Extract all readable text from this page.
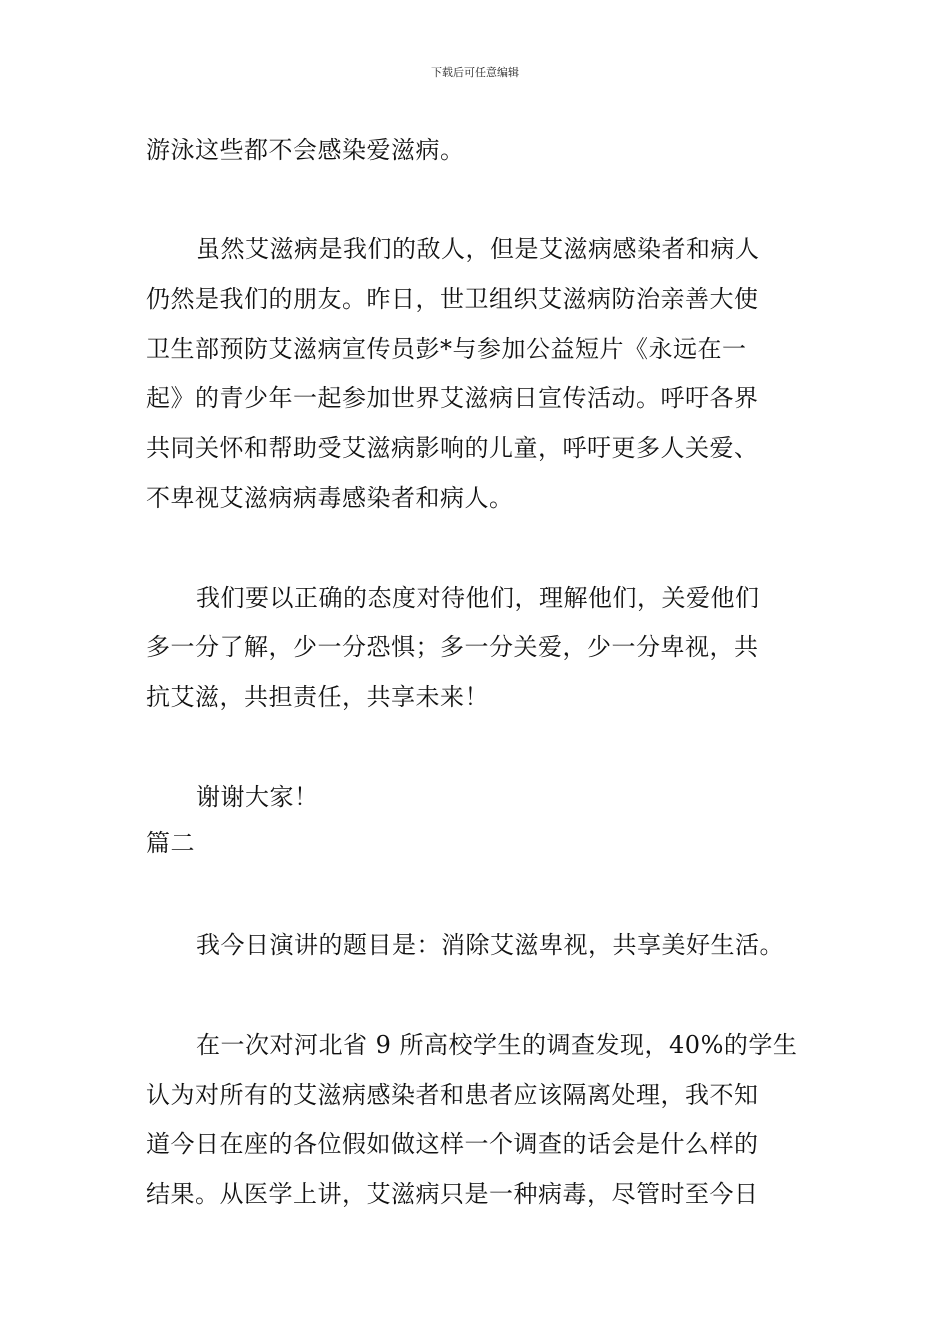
下载后可任意编辑
游泳这些都不会感染爱滋病。
虽然艾滋病是我们的敌人，但是艾滋病感染者和病人
仍然是我们的朋友。昨日，世卫组织艾滋病防治亲善大使
卫生部预防艾滋病宣传员彭*与参加公益短片《永远在一
起》的青少年一起参加世界艾滋病日宣传活动。呼吁各界
共同关怀和帮助受艾滋病影响的儿童，呼吁更多人关爱、
不卑视艾滋病病毒感染者和病人。
我们要以正确的态度对待他们，理解他们，关爱他们
多一分了解，少一分恐惧；多一分关爱，少一分卑视，共
抗艾滋，共担责任，共享未来！
谢谢大家！
篇二
我今日演讲的题目是：消除艾滋卑视，共享美好生活。
在一次对河北省 9 所高校学生的调查发现，40%的学生
认为对所有的艾滋病感染者和患者应该隔离处理，我不知
道今日在座的各位假如做这样一个调查的话会是什么样的
结果。从医学上讲，艾滋病只是一种病毒，尽管时至今日
